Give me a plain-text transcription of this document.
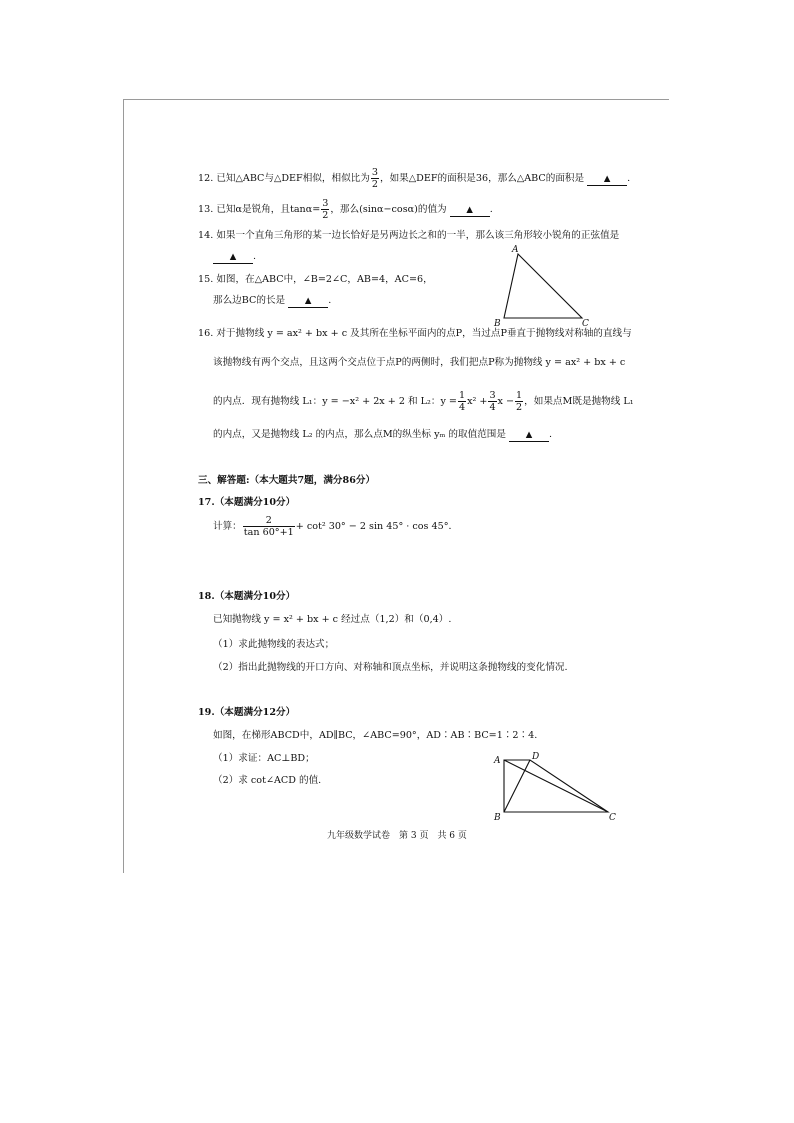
12. 已知△ABC与△DEF相似，相似比为 $\frac{3}{2}$ ，如果△DEF的面积是36，那么△ABC的面积是 ▲ .
13. 已知α是锐角，且$\tan\alpha= \frac{3}{2}$ ，那么(sinα−cosα)的值为 ▲ .
14. 如果一个直角三角形的某一边长恰好是另两边长之和的一半，那么该三角形较小锐角的正弦值是
▲ .
15. 如图，在△ABC中，∠B=2∠C，AB=4，AC=6，
那么边BC的长是 ▲ .
A
B	C
16. 对于抛物线 y = ax² + bx + c 及其所在坐标平面内的点P，当过点P垂直于抛物线对称轴的直线与
该抛物线有两个交点，且这两个交点位于点P的两侧时，我们把点P称为抛物线 y = ax² + bx + c
的内点．现有抛物线 L₁：y = −x² + 2x + 2 和 L₂：$y = \frac{1}{4} x^2 + \frac{3}{4}$ $x - \frac{1}{2}$ ，如果点M既是抛物线 L₁
的内点，又是抛物线 L₂ 的内点，那么点M的纵坐标 yₘ 的取值范围是 ▲ .
三、解答题:（本大题共7题，满分86分）
17.（本题满分10分）
计算： $\frac{2}{\tan 60^\circ+1} + \cot^2$ 30° − 2 sin 45° · cos 45°．
18.（本题满分10分）
已知抛物线 y = x² + bx + c 经过点（1,2）和（0,4）.
（1）求此抛物线的表达式；
（2）指出此抛物线的开口方向、对称轴和顶点坐标，并说明这条抛物线的变化情况.
19.（本题满分12分）
如图，在梯形ABCD中，AD∥BC，∠ABC=90°，AD∶AB∶BC=1∶2∶4.
（1）求证：AC⊥BD；
（2）求 cot∠ACD 的值.
A	D
B	C
九年级数学试卷　第 3 页　共 6 页
